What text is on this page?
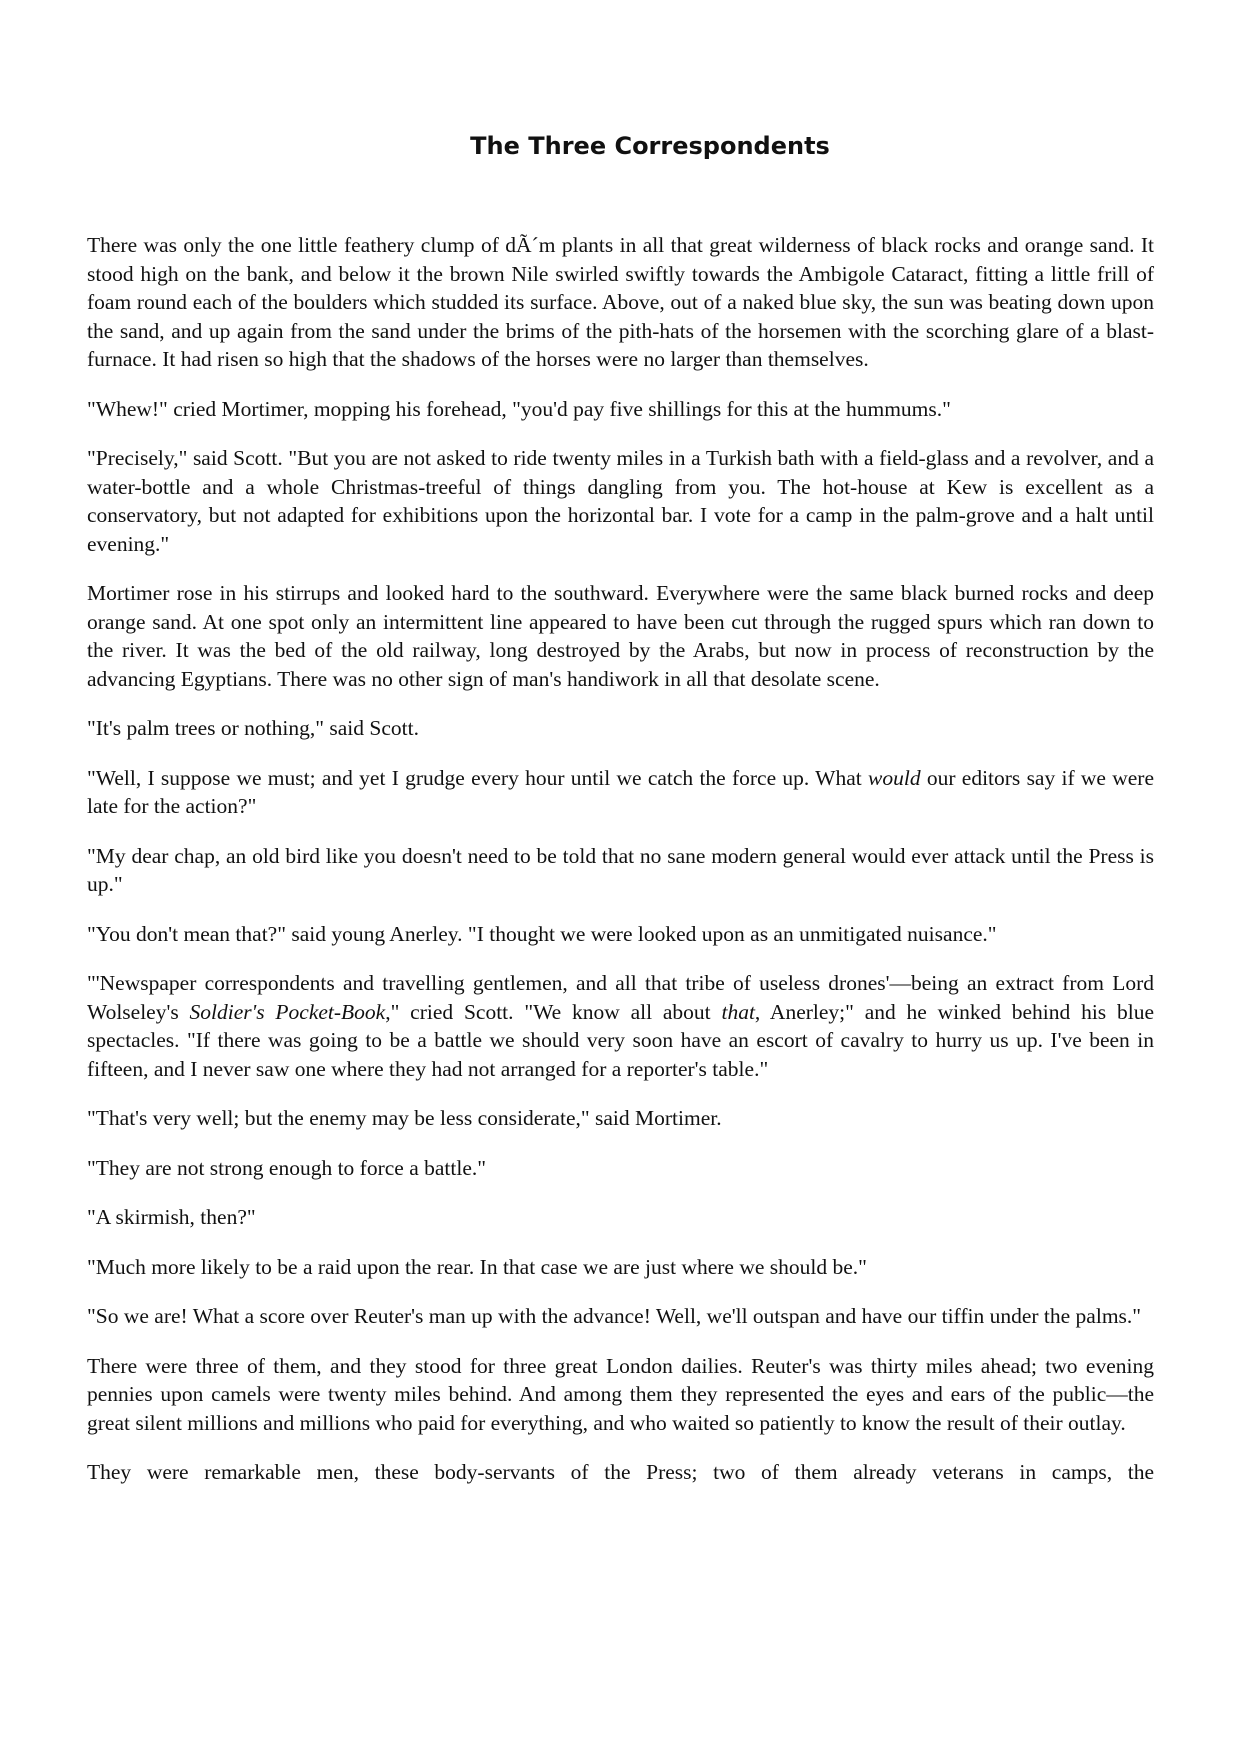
The Three Correspondents

There was only the one little feathery clump of dÃ´m plants in all that great wilderness of black rocks and orange sand. It stood high on the bank, and below it the brown Nile swirled swiftly towards the Ambigole Cataract, fitting a little frill of foam round each of the boulders which studded its surface. Above, out of a naked blue sky, the sun was beating down upon the sand, and up again from the sand under the brims of the pith-hats of the horsemen with the scorching glare of a blast-furnace. It had risen so high that the shadows of the horses were no larger than themselves.

"Whew!" cried Mortimer, mopping his forehead, "you'd pay five shillings for this at the hummums."

"Precisely," said Scott. "But you are not asked to ride twenty miles in a Turkish bath with a field-glass and a revolver, and a water-bottle and a whole Christmas-treeful of things dangling from you. The hot-house at Kew is excellent as a conservatory, but not adapted for exhibitions upon the horizontal bar. I vote for a camp in the palm-grove and a halt until evening."

Mortimer rose in his stirrups and looked hard to the southward. Everywhere were the same black burned rocks and deep orange sand. At one spot only an intermittent line appeared to have been cut through the rugged spurs which ran down to the river. It was the bed of the old railway, long destroyed by the Arabs, but now in process of reconstruction by the advancing Egyptians. There was no other sign of man's handiwork in all that desolate scene.

"It's palm trees or nothing," said Scott.

"Well, I suppose we must; and yet I grudge every hour until we catch the force up. What would our editors say if we were late for the action?"

"My dear chap, an old bird like you doesn't need to be told that no sane modern general would ever attack until the Press is up."

"You don't mean that?" said young Anerley. "I thought we were looked upon as an unmitigated nuisance."

"'Newspaper correspondents and travelling gentlemen, and all that tribe of useless drones'—being an extract from Lord Wolseley's Soldier's Pocket-Book," cried Scott. "We know all about that, Anerley;" and he winked behind his blue spectacles. "If there was going to be a battle we should very soon have an escort of cavalry to hurry us up. I've been in fifteen, and I never saw one where they had not arranged for a reporter's table."

"That's very well; but the enemy may be less considerate," said Mortimer.

"They are not strong enough to force a battle."

"A skirmish, then?"

"Much more likely to be a raid upon the rear. In that case we are just where we should be."

"So we are! What a score over Reuter's man up with the advance! Well, we'll outspan and have our tiffin under the palms."

There were three of them, and they stood for three great London dailies. Reuter's was thirty miles ahead; two evening pennies upon camels were twenty miles behind. And among them they represented the eyes and ears of the public—the great silent millions and millions who paid for everything, and who waited so patiently to know the result of their outlay.

They were remarkable men, these body-servants of the Press; two of them already veterans in camps, the
